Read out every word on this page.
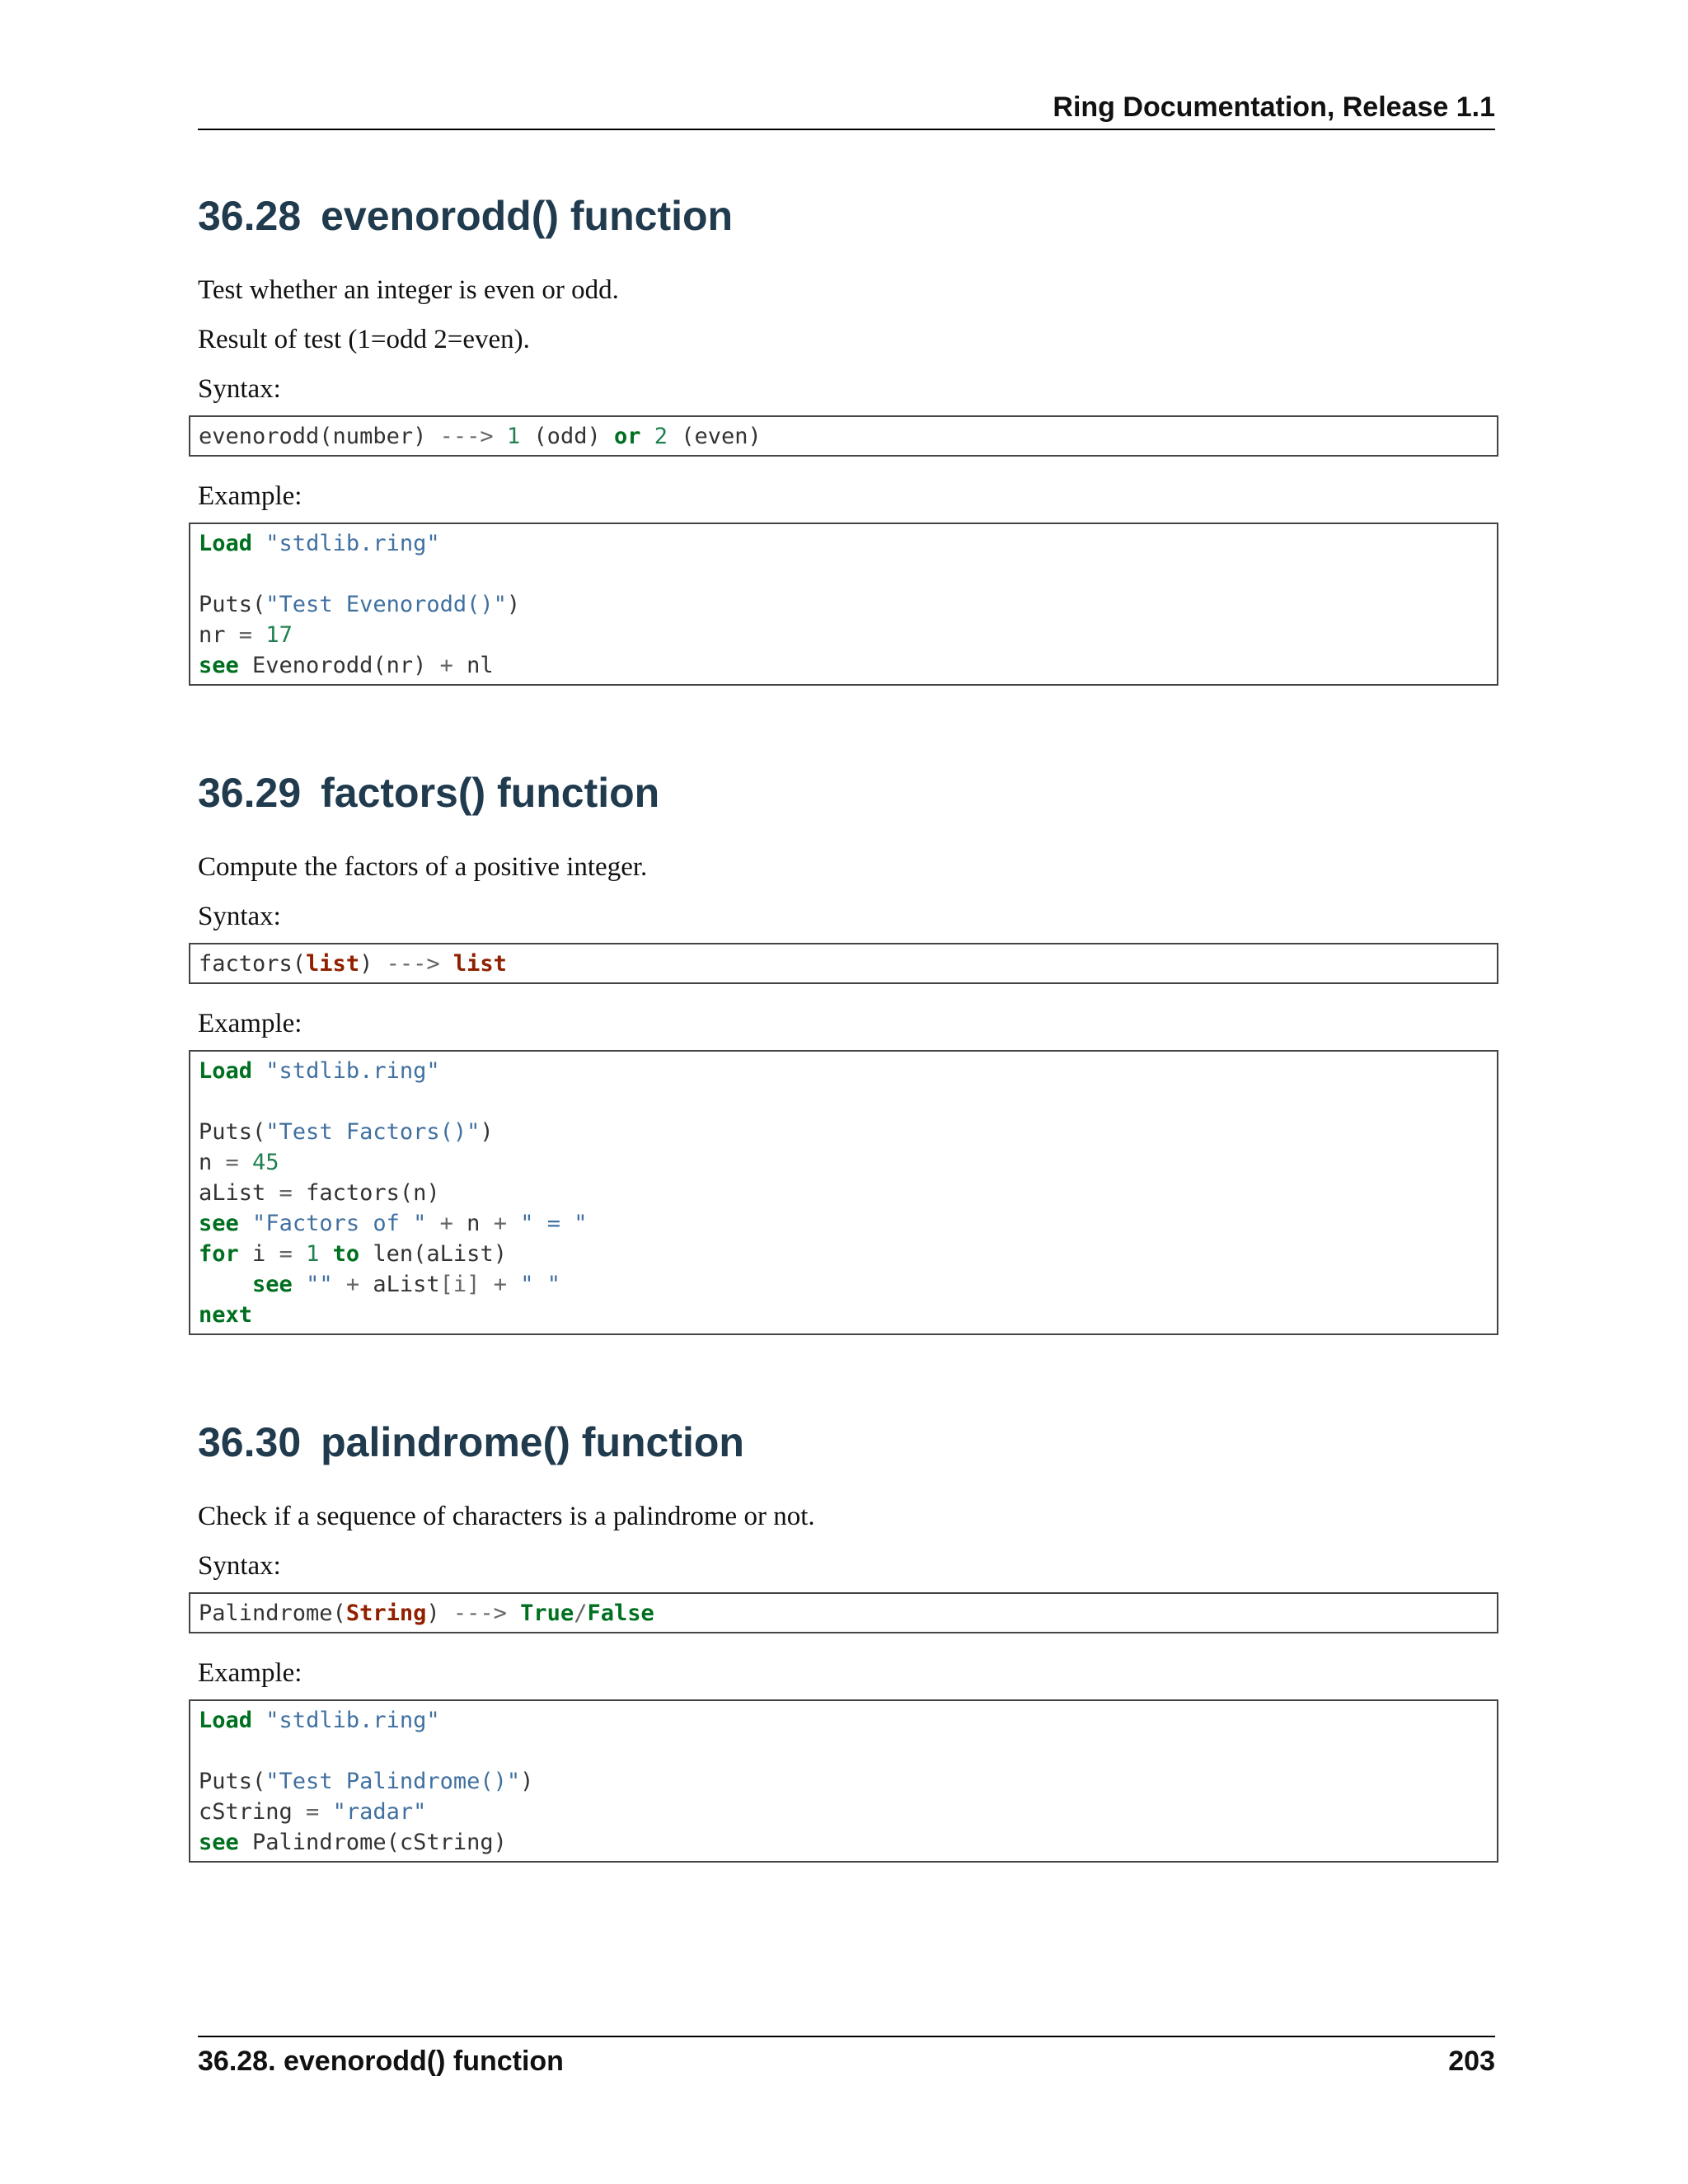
Ring Documentation, Release 1.1
36.28 evenorodd() function

Test whether an integer is even or odd.

Result of test (1=odd 2=even).

Syntax:

evenorodd(number) ---> 1 (odd) or 2 (even)

Example:

Load "stdlib.ring"
Puts("Test Evenorodd()")
nr = 17
see Evenorodd(nr) + nl
36.29 factors() function

Compute the factors of a positive integer.

Syntax:

factors(list) ---> list

Example:

Load "stdlib.ring"
Puts("Test Factors()")
n = 45
aList = factors(n)
see "Factors of " + n + " = "
for i = 1 to len(aList)
see "" + aList[i] + " "
next
36.30 palindrome() function

Check if a sequence of characters is a palindrome or not.

Syntax:

Palindrome(String) ---> True/False

Example:

Load "stdlib.ring"
Puts("Test Palindrome()")
cString = "radar"
see Palindrome(cString)
36.28. evenorodd() function	203
